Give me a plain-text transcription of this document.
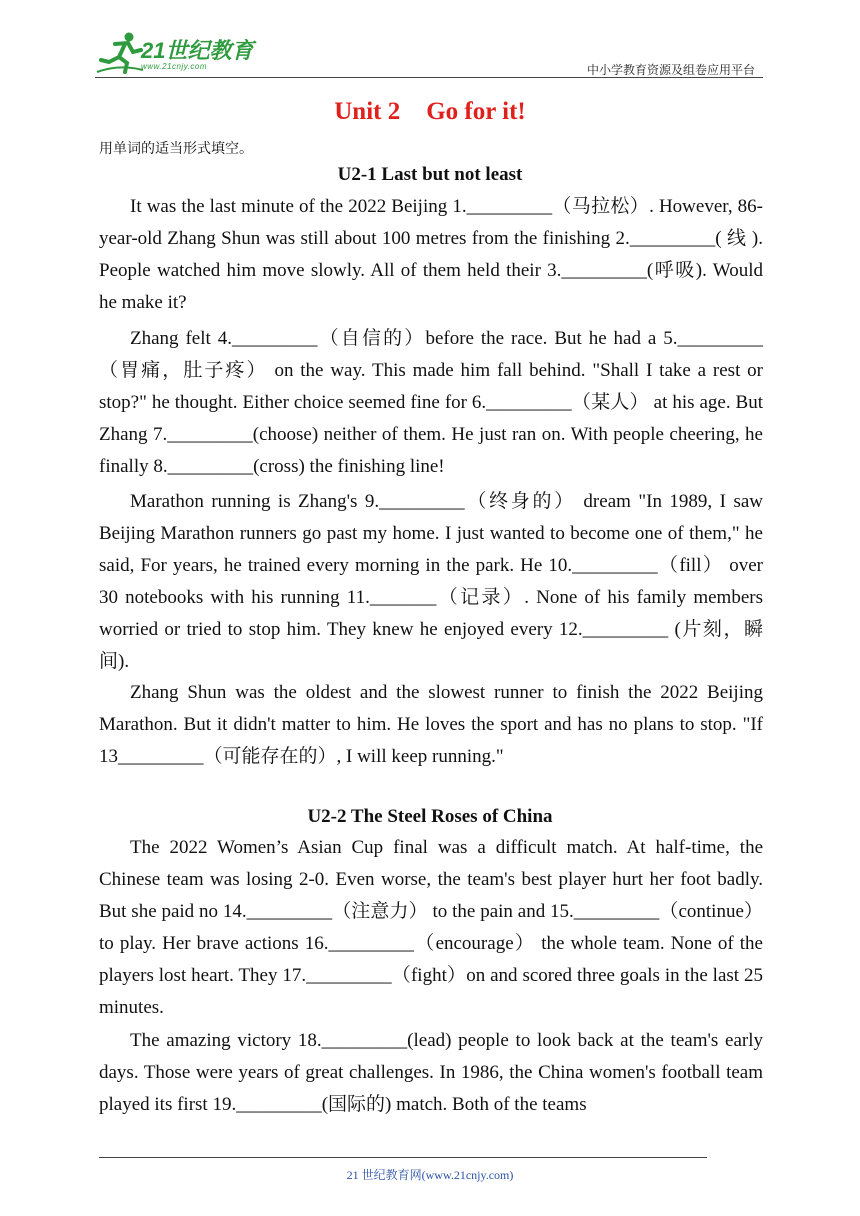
21世纪教育
www.21cnjy.com	中小学教育资源及组卷应用平台
Unit 2 Go for it!
用单词的适当形式填空。
U2-1 Last but not least
It was the last minute of the 2022 Beijing 1._________（马拉松）. However, 86-year-old Zhang Shun was still about 100 metres from the finishing 2._________( 线 ). People watched him move slowly. All of them held their 3._________(呼吸). Would he make it?
Zhang felt 4._________（自信的）before the race. But he had a 5._________（胃痛，肚子疼） on the way. This made him fall behind. "Shall I take a rest or stop?" he thought. Either choice seemed fine for 6._________（某人） at his age. But Zhang 7._________(choose) neither of them. He just ran on. With people cheering, he finally 8._________(cross) the finishing line!
Marathon running is Zhang's 9._________（终身的） dream "In 1989, I saw Beijing Marathon runners go past my home. I just wanted to become one of them," he said, For years, he trained every morning in the park. He 10._________（fill） over 30 notebooks with his running 11._______（记录）. None of his family members worried or tried to stop him. They knew he enjoyed every 12._________ (片刻，瞬间).
Zhang Shun was the oldest and the slowest runner to finish the 2022 Beijing Marathon. But it didn't matter to him. He loves the sport and has no plans to stop. "If 13_________（可能存在的）, I will keep running."
U2-2 The Steel Roses of China
The 2022 Women’s Asian Cup final was a difficult match. At half-time, the Chinese team was losing 2-0. Even worse, the team's best player hurt her foot badly. But she paid no 14._________（注意力） to the pain and 15._________（continue）to play. Her brave actions 16._________（encourage） the whole team. None of the players lost heart. They 17._________（fight）on and scored three goals in the last 25 minutes.
The amazing victory 18._________(lead) people to look back at the team's early days. Those were years of great challenges. In 1986, the China women's football team played its first 19._________(国际的) match. Both of the teams
21 世纪教育网(www.21cnjy.com)
